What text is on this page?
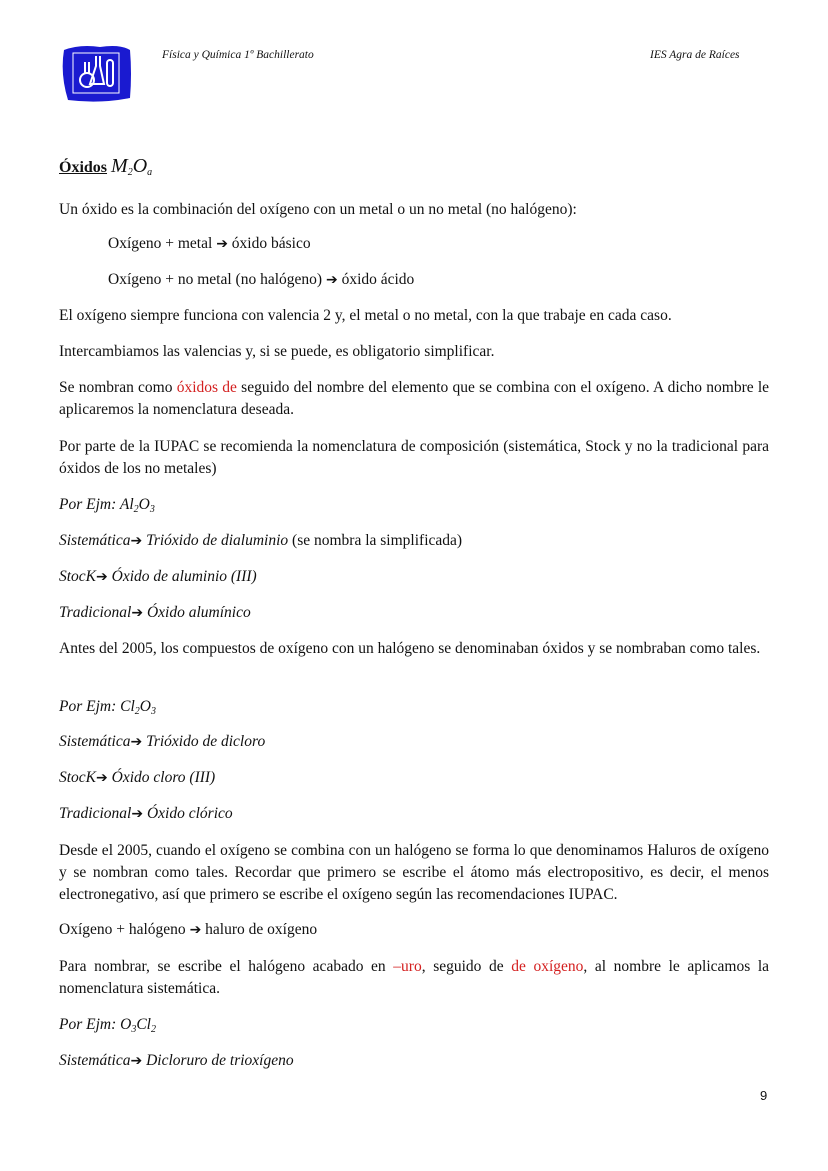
Física y Química 1º Bachillerato	IES Agra de Raíces
Óxidos $M_2O_a$
Un óxido es la combinación del oxígeno con un metal o un no metal (no halógeno):
Oxígeno + metal ➔ óxido básico
Oxígeno + no metal (no halógeno) ➔ óxido ácido
El oxígeno siempre funciona con valencia 2 y, el metal o no metal, con la que trabaje en cada caso.
Intercambiamos las valencias y, si se puede, es obligatorio simplificar.
Se nombran como óxidos de seguido del nombre del elemento que se combina con el oxígeno. A dicho nombre le aplicaremos la nomenclatura deseada.
Por parte de la IUPAC se recomienda la nomenclatura de composición (sistemática, Stock y no la tradicional para óxidos de los no metales)
Por Ejm: $Al_2O_3$
Sistemática➔ Trióxido de dialuminio (se nombra la simplificada)
StocK➔ Óxido de aluminio (III)
Tradicional➔ Óxido alumínico
Antes del 2005, los compuestos de oxígeno con un halógeno se denominaban óxidos y se nombraban como tales.
Por Ejm: $Cl_2O_3$
Sistemática➔ Trióxido de dicloro
StocK➔ Óxido cloro (III)
Tradicional➔ Óxido clórico
Desde el 2005, cuando el oxígeno se combina con un halógeno se forma lo que denominamos Haluros de oxígeno y se nombran como tales. Recordar que primero se escribe el átomo más electropositivo, es decir, el menos electronegativo, así que primero se escribe el oxígeno según las recomendaciones IUPAC.
Oxígeno + halógeno ➔ haluro de oxígeno
Para nombrar, se escribe el halógeno acabado en –uro, seguido de de oxígeno, al nombre le aplicamos la nomenclatura sistemática.
Por Ejm: $O_3Cl_2$
Sistemática➔ Dicloruro de trioxígeno
9
